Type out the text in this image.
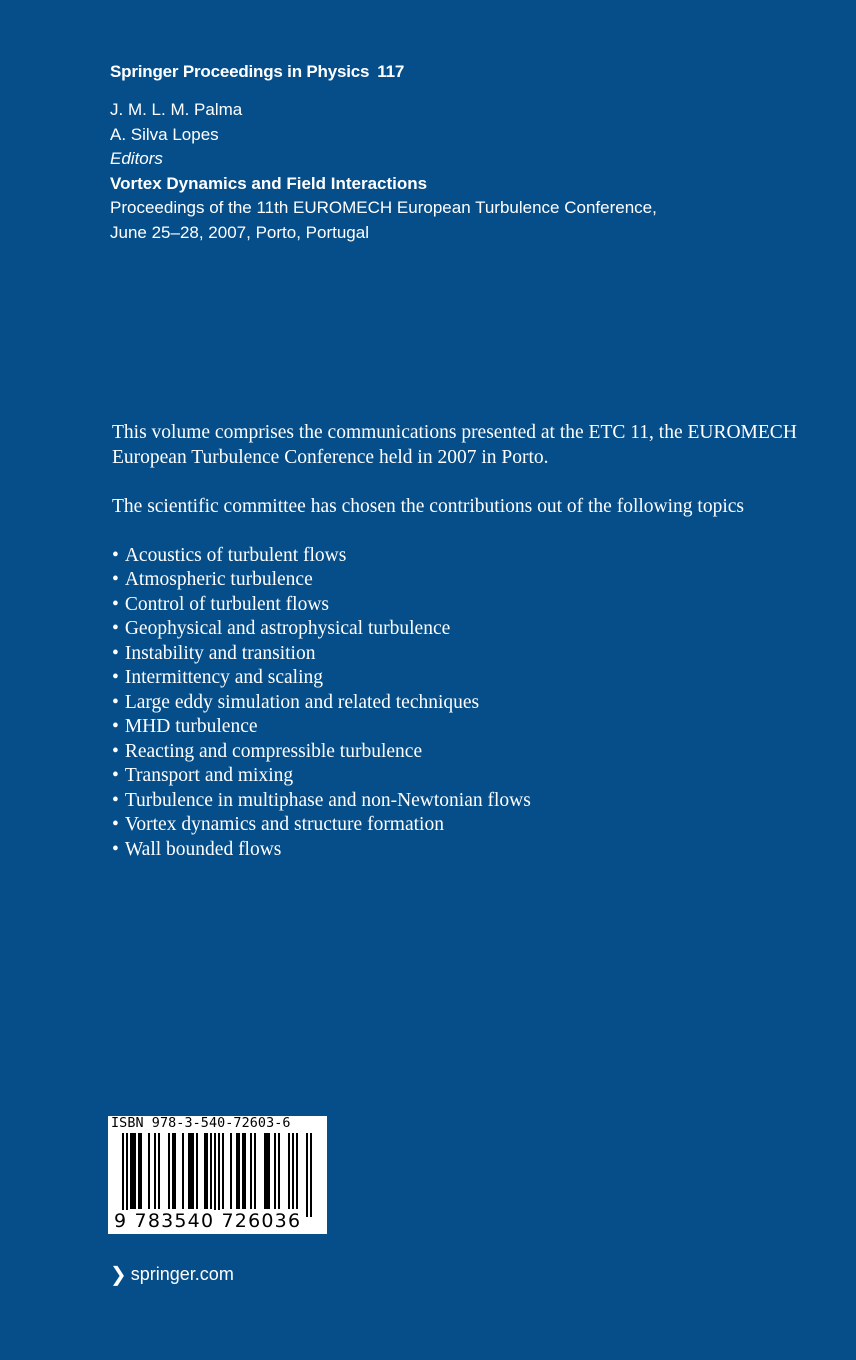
Springer Proceedings in Physics 117
J. M. L. M. Palma
A. Silva Lopes
Editors
Vortex Dynamics and Field Interactions
Proceedings of the 11th EUROMECH European Turbulence Conference,
June 25–28, 2007, Porto, Portugal

This volume comprises the communications presented at the ETC 11, the EUROMECH European Turbulence Conference held in 2007 in Porto.

The scientific committee has chosen the contributions out of the following topics

• Acoustics of turbulent flows
• Atmospheric turbulence
• Control of turbulent flows
• Geophysical and astrophysical turbulence
• Instability and transition
• Intermittency and scaling
• Large eddy simulation and related techniques
• MHD turbulence
• Reacting and compressible turbulence
• Transport and mixing
• Turbulence in multiphase and non-Newtonian flows
• Vortex dynamics and structure formation
• Wall bounded flows
ISBN 978-3-540-72603-6
9 783540 726036
❯ springer.com
